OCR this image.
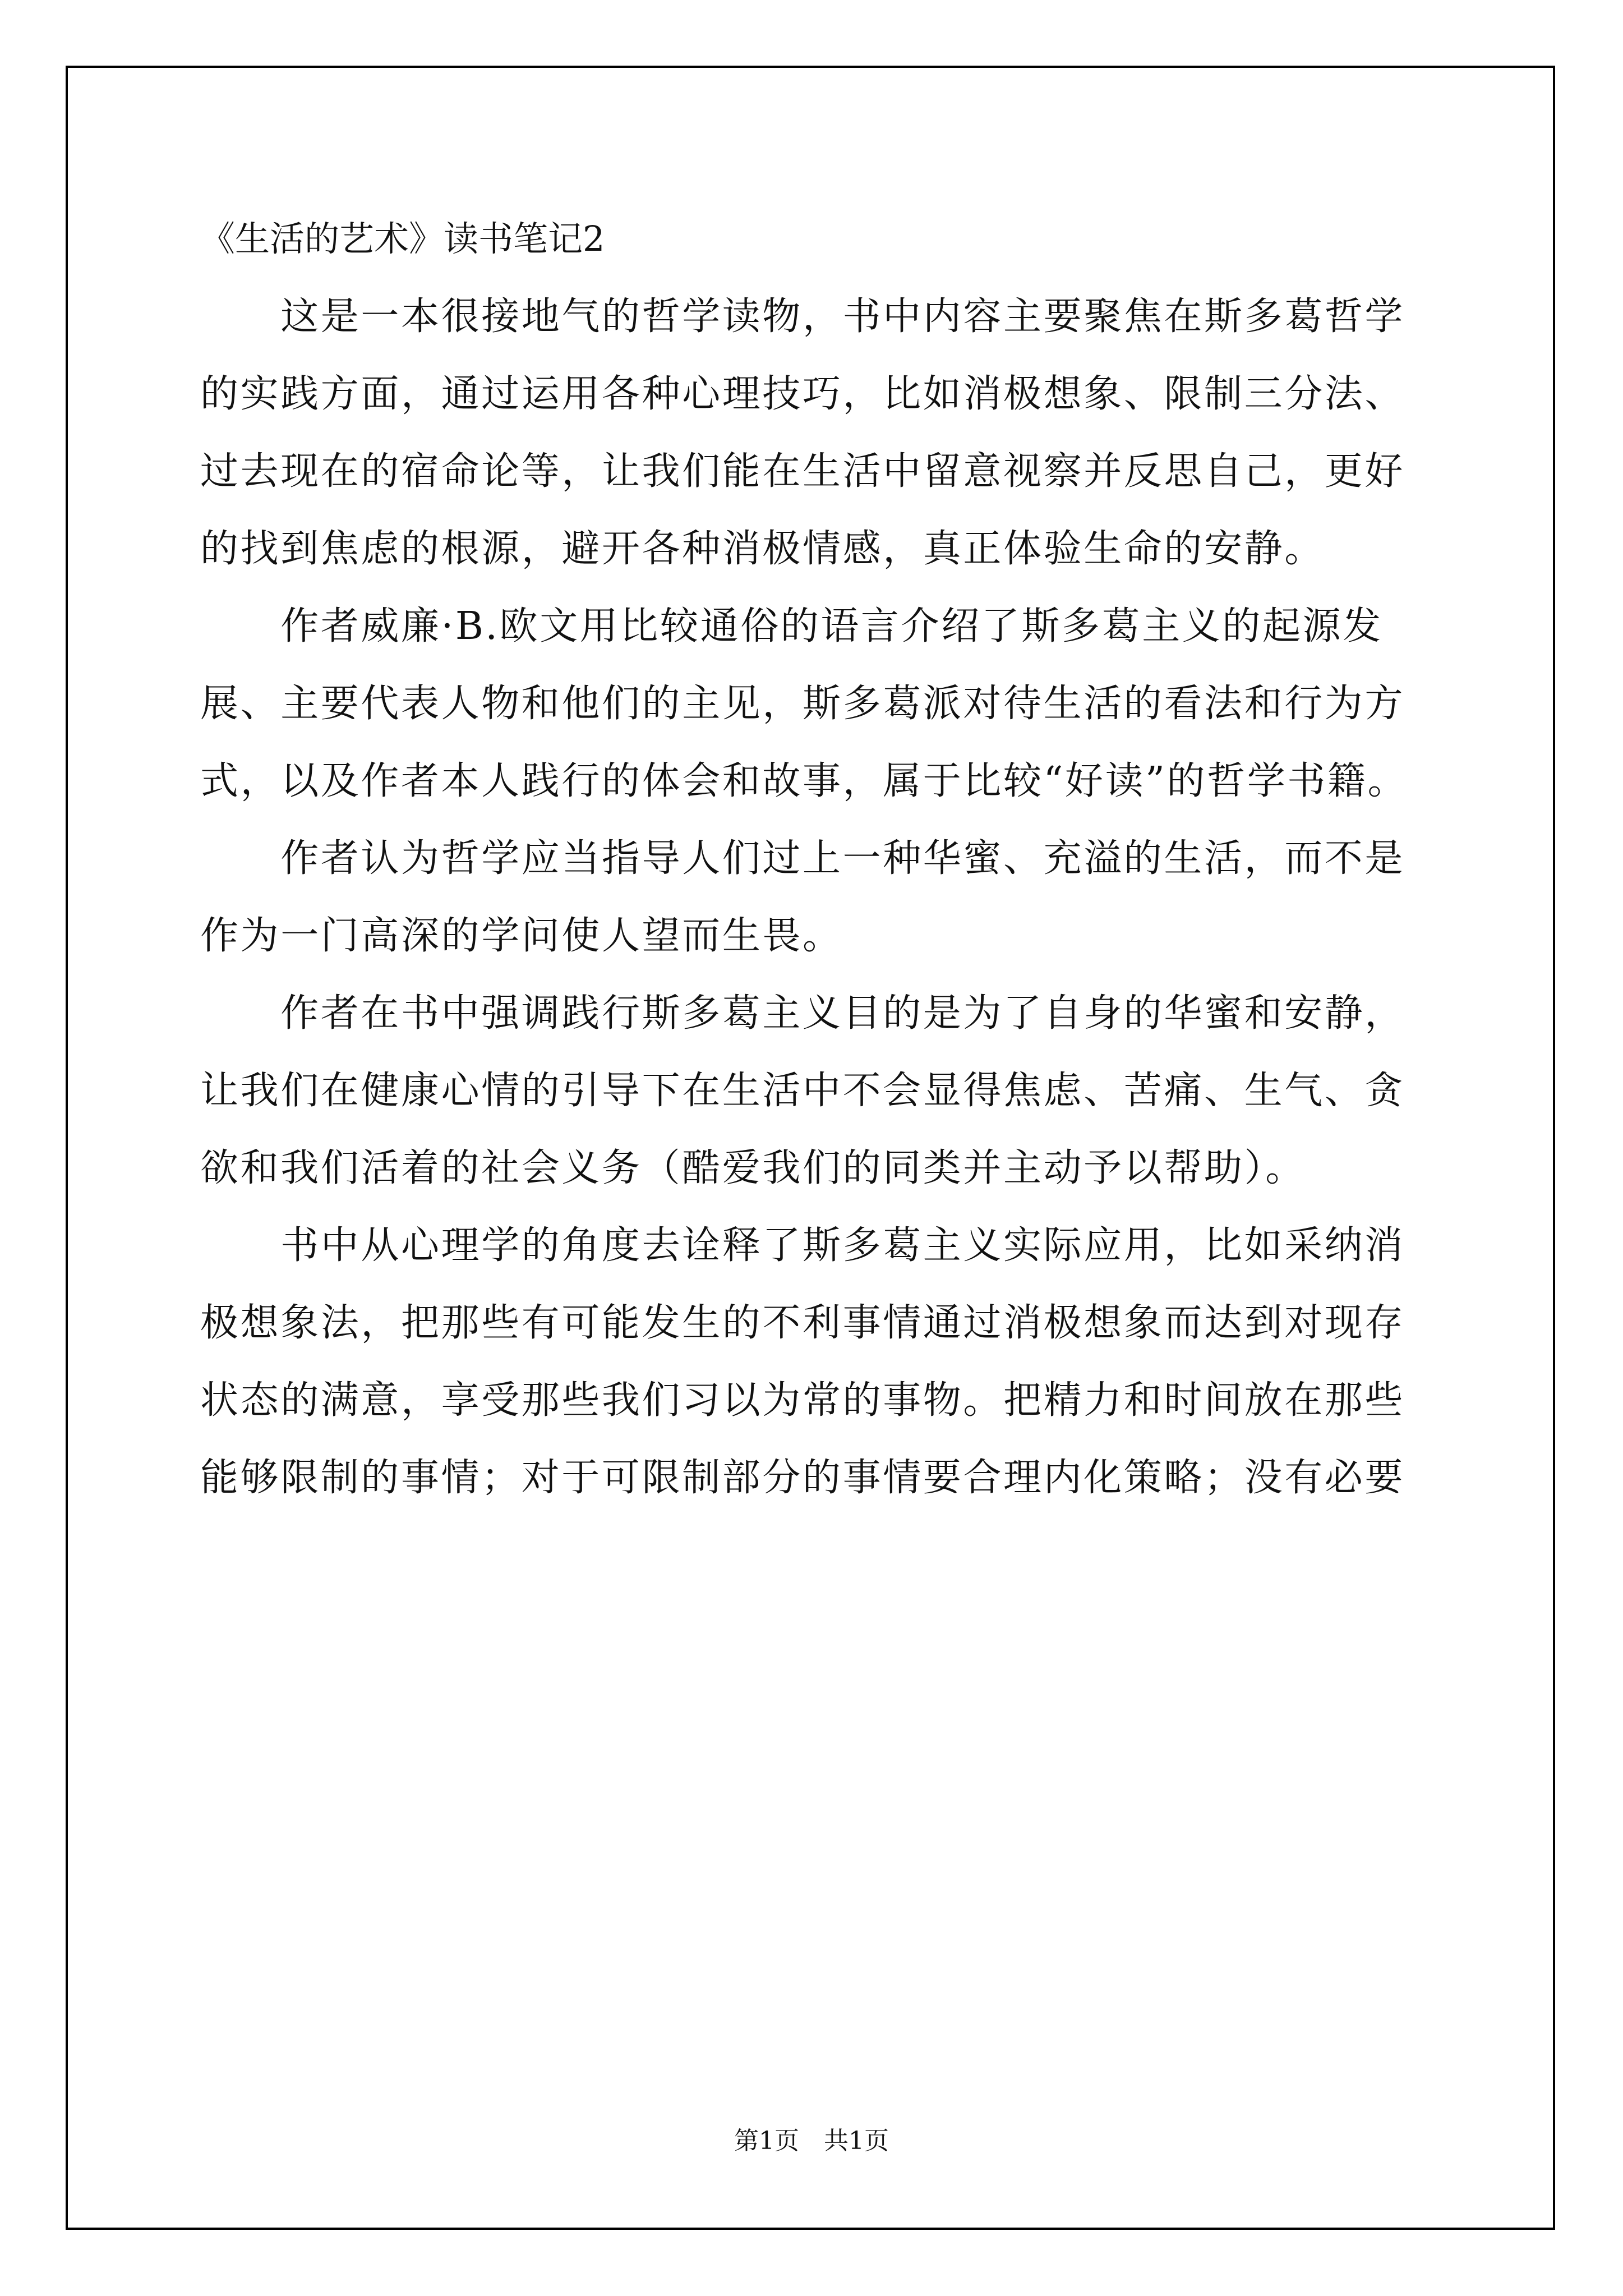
《生活的艺术》读书笔记2
　　这是一本很接地气的哲学读物，书中内容主要聚焦在斯多葛哲学
的实践方面，通过运用各种心理技巧，比如消极想象、限制三分法、
过去现在的宿命论等，让我们能在生活中留意视察并反思自己，更好
的找到焦虑的根源，避开各种消极情感，真正体验生命的安静。
　　作者威廉·B.欧文用比较通俗的语言介绍了斯多葛主义的起源发
展、主要代表人物和他们的主见，斯多葛派对待生活的看法和行为方
式，以及作者本人践行的体会和故事，属于比较“好读”的哲学书籍。
　　作者认为哲学应当指导人们过上一种华蜜、充溢的生活，而不是
作为一门高深的学问使人望而生畏。
　　作者在书中强调践行斯多葛主义目的是为了自身的华蜜和安静，
让我们在健康心情的引导下在生活中不会显得焦虑、苦痛、生气、贪
欲和我们活着的社会义务（酷爱我们的同类并主动予以帮助）。
　　书中从心理学的角度去诠释了斯多葛主义实际应用，比如采纳消
极想象法，把那些有可能发生的不利事情通过消极想象而达到对现存
状态的满意，享受那些我们习以为常的事物。把精力和时间放在那些
能够限制的事情；对于可限制部分的事情要合理内化策略；没有必要
第1页　 共1页
